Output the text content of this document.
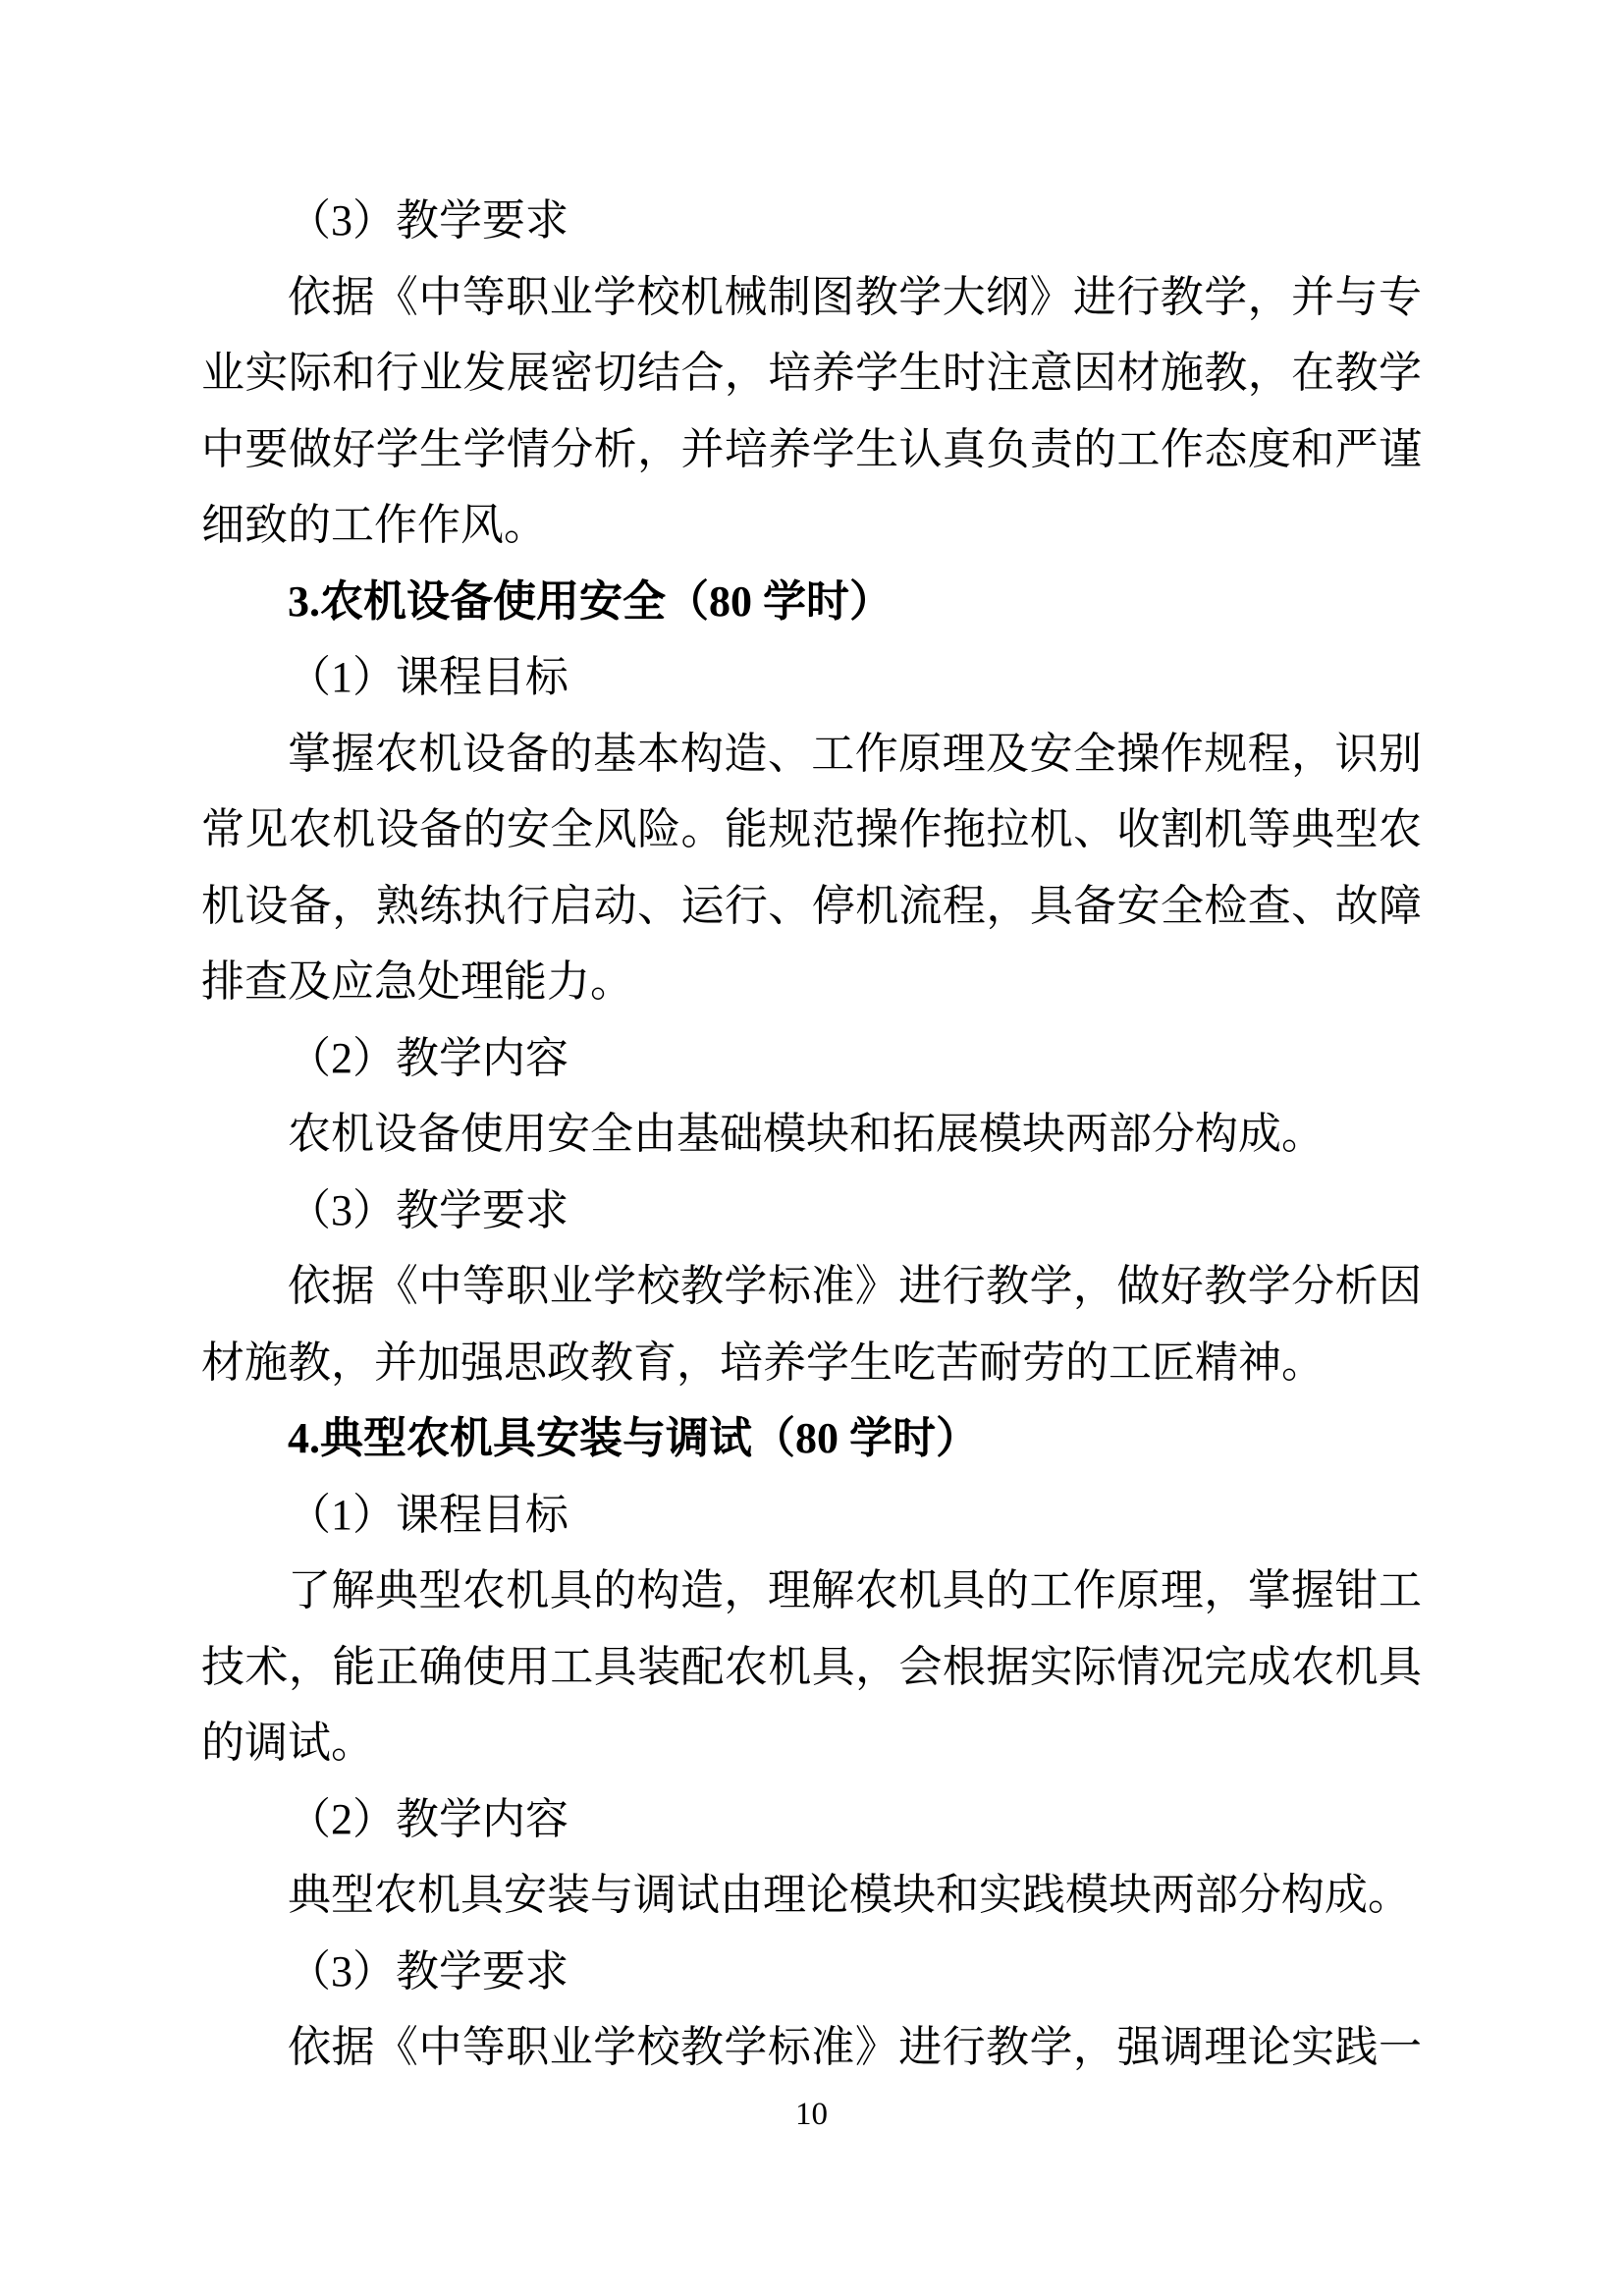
（3）教学要求
依据《中等职业学校机械制图教学大纲》进行教学，并与专
业实际和行业发展密切结合，培养学生时注意因材施教，在教学
中要做好学生学情分析，并培养学生认真负责的工作态度和严谨
细致的工作作风。
3.农机设备使用安全（80 学时）
（1）课程目标
掌握农机设备的基本构造、工作原理及安全操作规程，识别
常见农机设备的安全风险。能规范操作拖拉机、收割机等典型农
机设备，熟练执行启动、运行、停机流程，具备安全检查、故障
排查及应急处理能力。
（2）教学内容
农机设备使用安全由基础模块和拓展模块两部分构成。
（3）教学要求
依据《中等职业学校教学标准》进行教学，做好教学分析因
材施教，并加强思政教育，培养学生吃苦耐劳的工匠精神。
4.典型农机具安装与调试（80 学时）
（1）课程目标
了解典型农机具的构造，理解农机具的工作原理，掌握钳工
技术，能正确使用工具装配农机具，会根据实际情况完成农机具
的调试。
（2）教学内容
典型农机具安装与调试由理论模块和实践模块两部分构成。
（3）教学要求
依据《中等职业学校教学标准》进行教学，强调理论实践一
10
